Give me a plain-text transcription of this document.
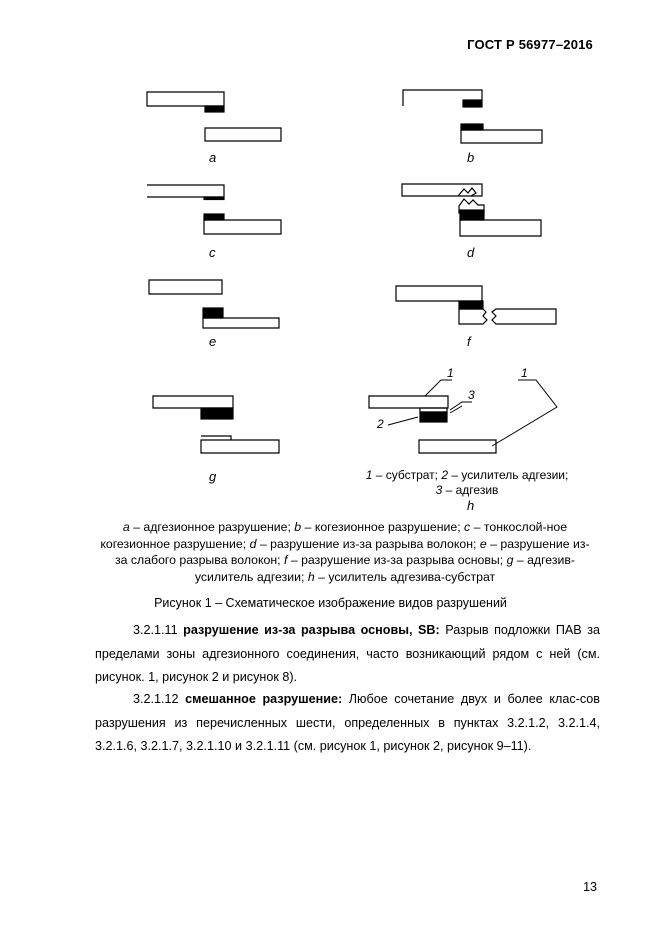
ГОСТ Р 56977–2016
a	b
c	d
e	f
g
h
1	1
3
2
1 – субстрат; 2 – усилитель адгезии;
3 – адгезив
a – адгезионное разрушение; b – когезионное разрушение; c – тонкослой-ное когезионное разрушение; d – разрушение из-за разрыва волокон; e – разрушение из-за слабого разрыва волокон; f – разрушение из-за разрыва основы; g – адгезив-усилитель адгезии; h – усилитель адгезива-субстрат
Рисунок 1 – Схематическое изображение видов разрушений
3.2.1.11 разрушение из-за разрыва основы, SB: Разрыв подложки ПАВ за пределами зоны адгезионного соединения, часто возникающий рядом с ней (см. рисунок. 1, рисунок 2 и рисунок 8).
3.2.1.12 смешанное разрушение: Любое сочетание двух и более клас-сов разрушения из перечисленных шести, определенных в пунктах 3.2.1.2, 3.2.1.4, 3.2.1.6, 3.2.1.7, 3.2.1.10 и 3.2.1.11 (см. рисунок 1, рисунок 2, рисунок 9–11).
13
